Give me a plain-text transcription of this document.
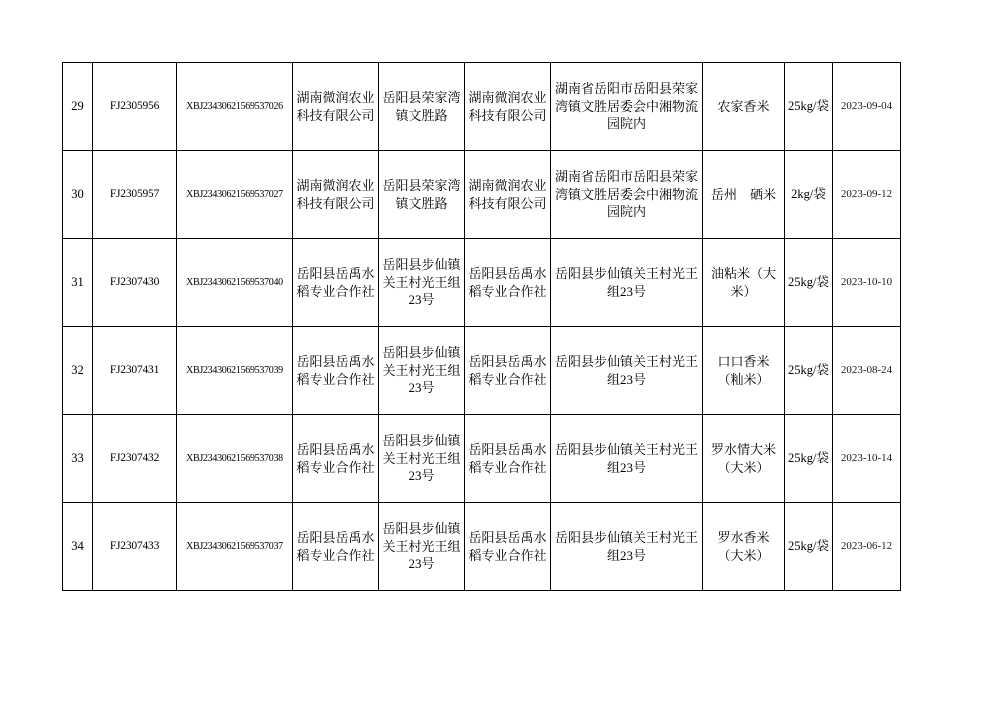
29	FJ2305956	XBJ23430621569537026	湖南微润农业科技有限公司	岳阳县荣家湾镇文胜路	湖南微润农业科技有限公司	湖南省岳阳市岳阳县荣家湾镇文胜居委会中湘物流园院内	农家香米	25kg/袋	2023-09-04
30	FJ2305957	XBJ23430621569537027	湖南微润农业科技有限公司	岳阳县荣家湾镇文胜路	湖南微润农业科技有限公司	湖南省岳阳市岳阳县荣家湾镇文胜居委会中湘物流园院内	岳州　硒米	2kg/袋	2023-09-12
31	FJ2307430	XBJ23430621569537040	岳阳县岳禹水稻专业合作社	岳阳县步仙镇关王村光王组23号	岳阳县岳禹水稻专业合作社	岳阳县步仙镇关王村光王组23号	油粘米（大米）	25kg/袋	2023-10-10
32	FJ2307431	XBJ23430621569537039	岳阳县岳禹水稻专业合作社	岳阳县步仙镇关王村光王组23号	岳阳县岳禹水稻专业合作社	岳阳县步仙镇关王村光王组23号	口口香米（籼米）	25kg/袋	2023-08-24
33	FJ2307432	XBJ23430621569537038	岳阳县岳禹水稻专业合作社	岳阳县步仙镇关王村光王组23号	岳阳县岳禹水稻专业合作社	岳阳县步仙镇关王村光王组23号	罗水情大米（大米）	25kg/袋	2023-10-14
34	FJ2307433	XBJ23430621569537037	岳阳县岳禹水稻专业合作社	岳阳县步仙镇关王村光王组23号	岳阳县岳禹水稻专业合作社	岳阳县步仙镇关王村光王组23号	罗水香米（大米）	25kg/袋	2023-06-12
